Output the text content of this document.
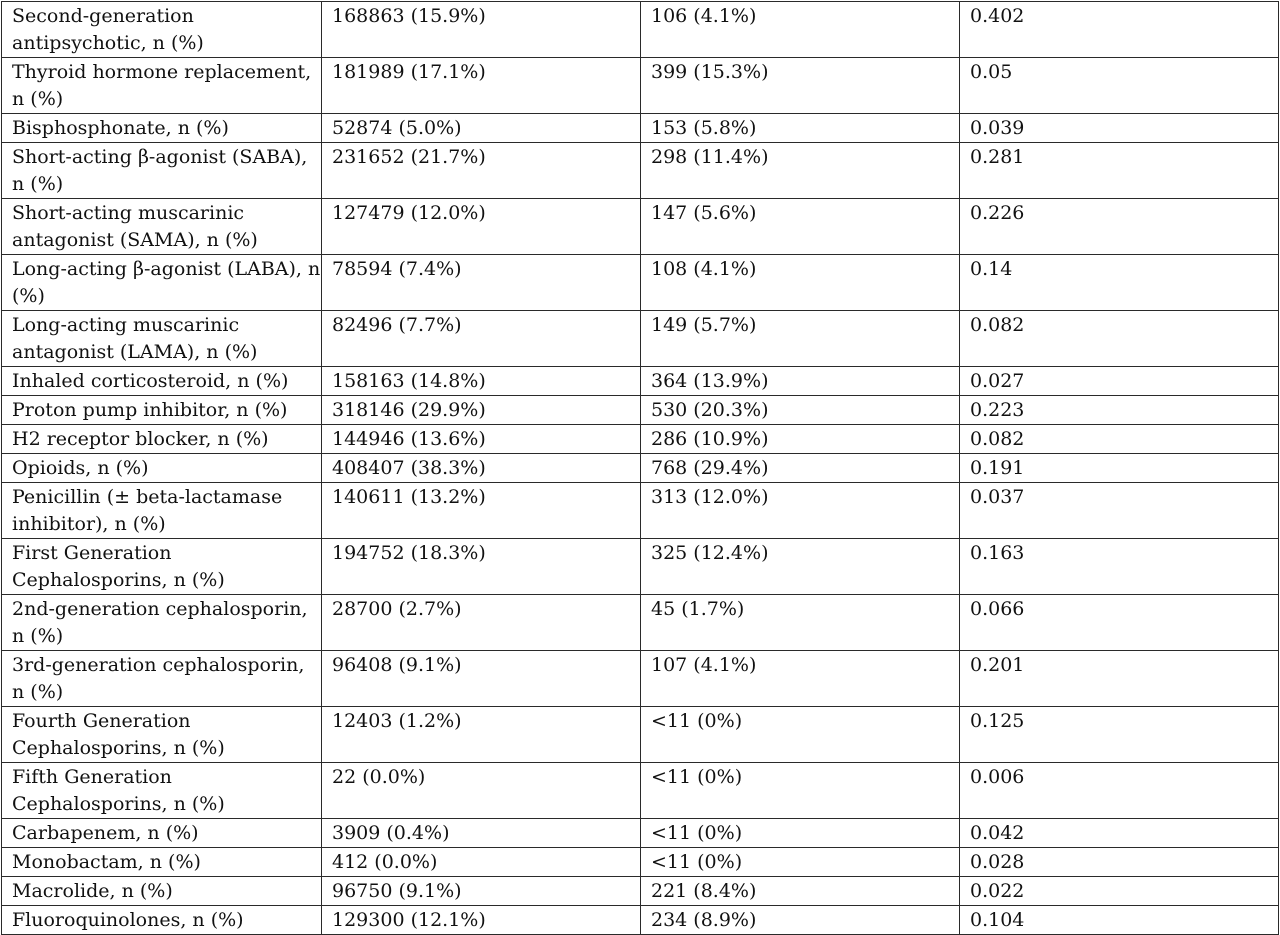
Second-generation antipsychotic, n (%)	168863 (15.9%)	106 (4.1%)	0.402
Thyroid hormone replacement, n (%)	181989 (17.1%)	399 (15.3%)	0.05
Bisphosphonate, n (%)	52874 (5.0%)	153 (5.8%)	0.039
Short-acting β-agonist (SABA), n (%)	231652 (21.7%)	298 (11.4%)	0.281
Short-acting muscarinic antagonist (SAMA), n (%)	127479 (12.0%)	147 (5.6%)	0.226
Long-acting β-agonist (LABA), n (%)	78594 (7.4%)	108 (4.1%)	0.14
Long-acting muscarinic antagonist (LAMA), n (%)	82496 (7.7%)	149 (5.7%)	0.082
Inhaled corticosteroid, n (%)	158163 (14.8%)	364 (13.9%)	0.027
Proton pump inhibitor, n (%)	318146 (29.9%)	530 (20.3%)	0.223
H2 receptor blocker, n (%)	144946 (13.6%)	286 (10.9%)	0.082
Opioids, n (%)	408407 (38.3%)	768 (29.4%)	0.191
Penicillin (± beta-lactamase inhibitor), n (%)	140611 (13.2%)	313 (12.0%)	0.037
First Generation Cephalosporins, n (%)	194752 (18.3%)	325 (12.4%)	0.163
2nd-generation cephalosporin, n (%)	28700 (2.7%)	45 (1.7%)	0.066
3rd-generation cephalosporin, n (%)	96408 (9.1%)	107 (4.1%)	0.201
Fourth Generation Cephalosporins, n (%)	12403 (1.2%)	<11 (0%)	0.125
Fifth Generation Cephalosporins, n (%)	22 (0.0%)	<11 (0%)	0.006
Carbapenem, n (%)	3909 (0.4%)	<11 (0%)	0.042
Monobactam, n (%)	412 (0.0%)	<11 (0%)	0.028
Macrolide, n (%)	96750 (9.1%)	221 (8.4%)	0.022
Fluoroquinolones, n (%)	129300 (12.1%)	234 (8.9%)	0.104
